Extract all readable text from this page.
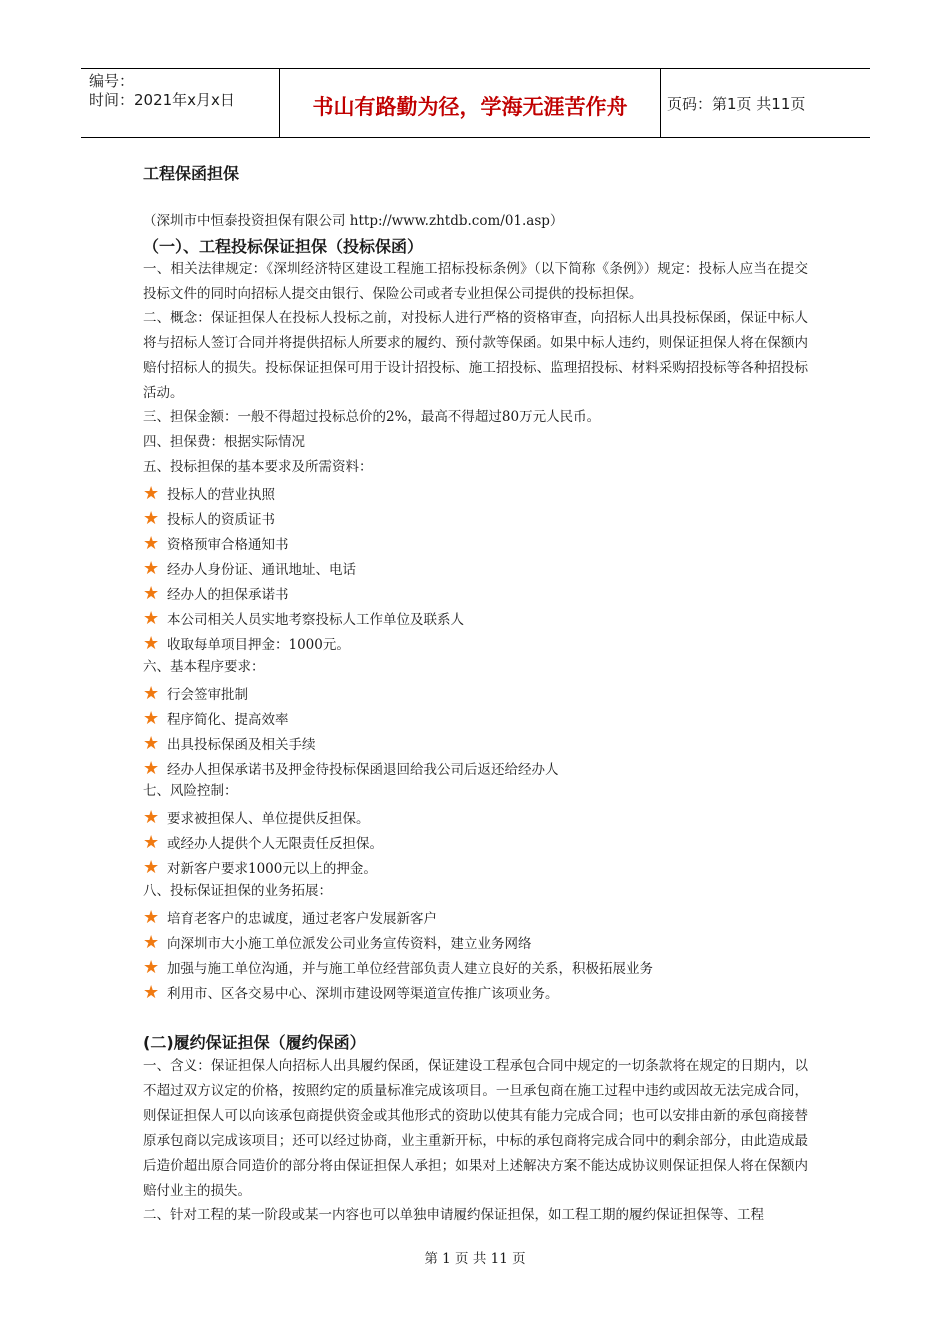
编号：
时间：2021年x月x日	书山有路勤为径，学海无涯苦作舟	页码：第1页 共11页
工程保函担保
（深圳市中恒泰投资担保有限公司 http://www.zhtdb.com/01.asp）
（一）、工程投标保证担保（投标保函）
一、相关法律规定：《深圳经济特区建设工程施工招标投标条例》（以下简称《条例》）规定：投标人应当在提交投标文件的同时向招标人提交由银行、保险公司或者专业担保公司提供的投标担保。
二、概念：保证担保人在投标人投标之前，对投标人进行严格的资格审查，向招标人出具投标保函，保证中标人将与招标人签订合同并将提供招标人所要求的履约、预付款等保函。如果中标人违约，则保证担保人将在保额内赔付招标人的损失。投标保证担保可用于设计招投标、施工招投标、监理招投标、材料采购招投标等各种招投标活动。
三、担保金额：一般不得超过投标总价的2%，最高不得超过80万元人民币。
四、担保费：根据实际情况
五、投标担保的基本要求及所需资料：
★ 投标人的营业执照
★ 投标人的资质证书
★ 资格预审合格通知书
★ 经办人身份证、通讯地址、电话
★ 经办人的担保承诺书
★ 本公司相关人员实地考察投标人工作单位及联系人
★ 收取每单项目押金：1000元。
六、基本程序要求：
★ 行会签审批制
★ 程序简化、提高效率
★ 出具投标保函及相关手续
★ 经办人担保承诺书及押金待投标保函退回给我公司后返还给经办人
七、风险控制：
★ 要求被担保人、单位提供反担保。
★ 或经办人提供个人无限责任反担保。
★ 对新客户要求1000元以上的押金。
八、投标保证担保的业务拓展：
★ 培育老客户的忠诚度，通过老客户发展新客户
★ 向深圳市大小施工单位派发公司业务宣传资料，建立业务网络
★ 加强与施工单位沟通，并与施工单位经营部负责人建立良好的关系，积极拓展业务
★ 利用市、区各交易中心、深圳市建设网等渠道宣传推广该项业务。
(二)履约保证担保（履约保函）
一、含义：保证担保人向招标人出具履约保函，保证建设工程承包合同中规定的一切条款将在规定的日期内，以不超过双方议定的价格，按照约定的质量标准完成该项目。一旦承包商在施工过程中违约或因故无法完成合同，则保证担保人可以向该承包商提供资金或其他形式的资助以使其有能力完成合同；也可以安排由新的承包商接替原承包商以完成该项目；还可以经过协商，业主重新开标，中标的承包商将完成合同中的剩余部分，由此造成最后造价超出原合同造价的部分将由保证担保人承担；如果对上述解决方案不能达成协议则保证担保人将在保额内赔付业主的损失。
二、针对工程的某一阶段或某一内容也可以单独申请履约保证担保，如工程工期的履约保证担保等、工程
第 1 页 共 11 页
